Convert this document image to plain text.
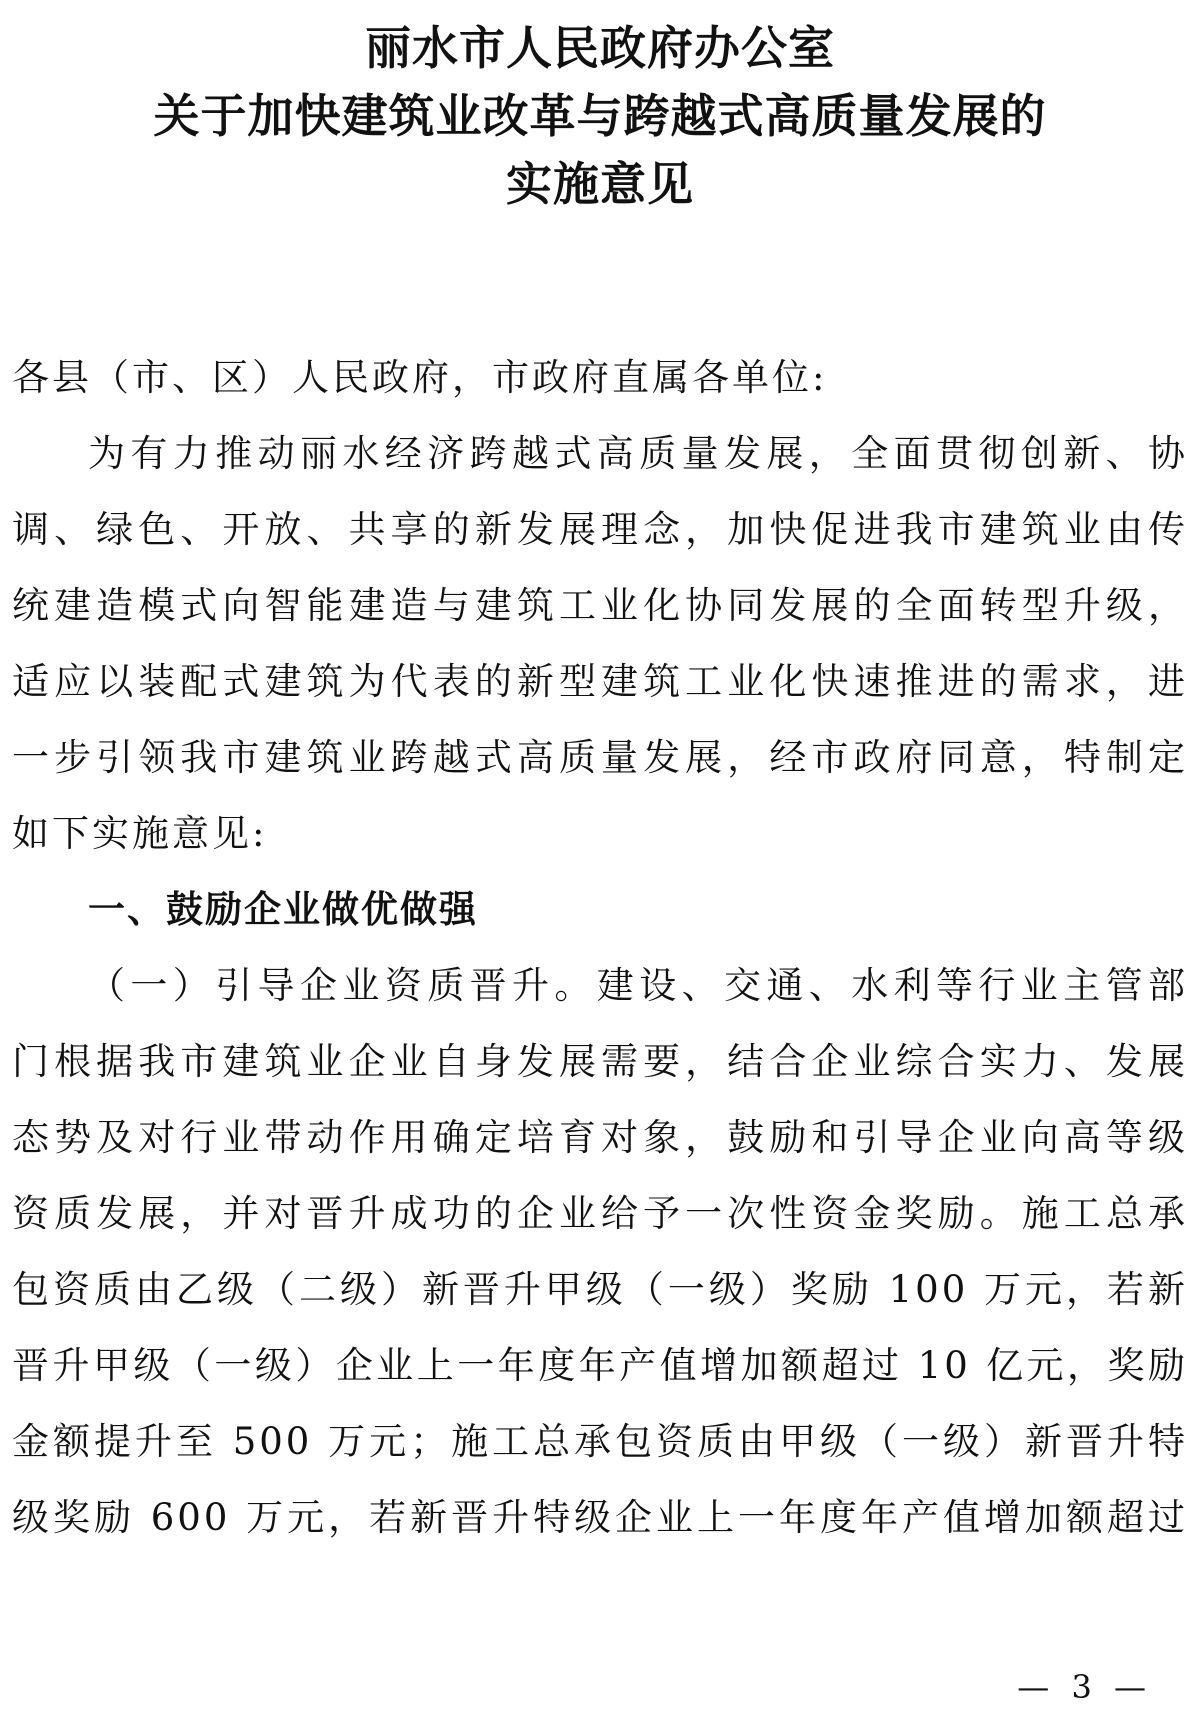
丽水市人民政府办公室
关于加快建筑业改革与跨越式高质量发展的
实施意见
各县（市、区）人民政府，市政府直属各单位:
为有力推动丽水经济跨越式高质量发展，全面贯彻创新、协
调、绿色、开放、共享的新发展理念，加快促进我市建筑业由传
统建造模式向智能建造与建筑工业化协同发展的全面转型升级，
适应以装配式建筑为代表的新型建筑工业化快速推进的需求，进
一步引领我市建筑业跨越式高质量发展，经市政府同意，特制定
如下实施意见:
一、鼓励企业做优做强
（一）引导企业资质晋升。建设、交通、水利等行业主管部
门根据我市建筑业企业自身发展需要，结合企业综合实力、发展
态势及对行业带动作用确定培育对象，鼓励和引导企业向高等级
资质发展，并对晋升成功的企业给予一次性资金奖励。施工总承
包资质由乙级（二级）新晋升甲级（一级）奖励 100 万元，若新
晋升甲级（一级）企业上一年度年产值增加额超过 10 亿元，奖励
金额提升至 500 万元；施工总承包资质由甲级（一级）新晋升特
级奖励 600 万元，若新晋升特级企业上一年度年产值增加额超过
— 3 —
